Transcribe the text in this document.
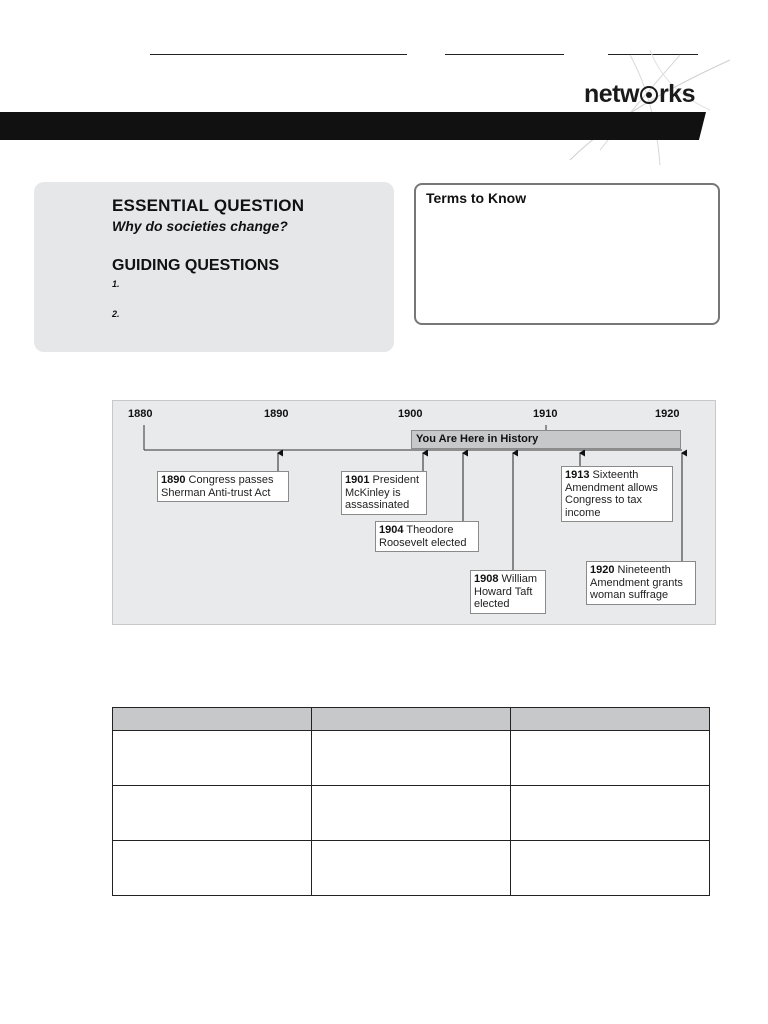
netw rks
ESSENTIAL QUESTION
Why do societies change?
GUIDING QUESTIONS
1.
2.
Terms to Know
1880	1890	1900	1910	1920
You Are Here in History
1890 Congress passes Sherman Anti-trust Act
1901 President McKinley is assassinated
1904 Theodore Roosevelt elected
1908 William Howard Taft elected
1913 Sixteenth Amendment allows Congress to tax income
1920 Nineteenth Amendment grants woman suffrage
